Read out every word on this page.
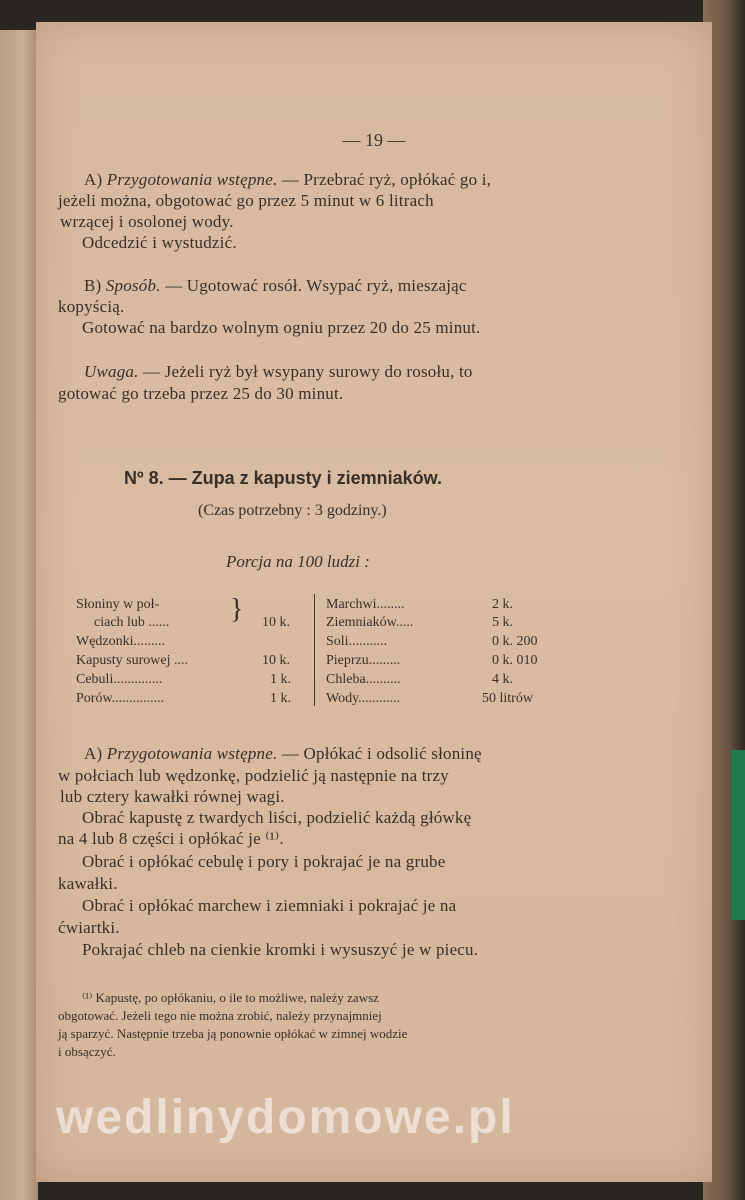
— 19 —
A) Przygotowania wstępne. — Przebrać ryż, opłókać go i,
jeżeli można, obgotować go przez 5 minut w 6 litrach
wrzącej i osolonej wody.
Odcedzić i wystudzić.
B) Sposób. — Ugotować rosół. Wsypać ryż, mieszając
kopyścią.
Gotować na bardzo wolnym ogniu przez 20 do 25 minut.
Uwaga. — Jeżeli ryż był wsypany surowy do rosołu, to
gotować go trzeba przez 25 do 30 minut.
Nº 8. — Zupa z kapusty i ziemniaków.
(Czas potrzebny : 3 godziny.)
Porcja na 100 ludzi :
Słoniny w poł-
ciach lub ......	10 k.
Wędzonki.........
}
Kapusty surowej ....	10 k.
Cebuli..............	1 k.
Porów...............	1 k.
Marchwi........	2 k.
Ziemniaków.....	5 k.
Soli...........	0 k. 200
Pieprzu.........	0 k. 010
Chleba..........	4 k.
Wody............	50 litrów
A) Przygotowania wstępne. — Opłókać i odsolić słoninę
w połciach lub wędzonkę, podzielić ją następnie na trzy
lub cztery kawałki równej wagi.
Obrać kapustę z twardych liści, podzielić każdą główkę
na 4 lub 8 części i opłókać je ⁽¹⁾.
Obrać i opłókać cebulę i pory i pokrajać je na grube
kawałki.
Obrać i opłókać marchew i ziemniaki i pokrajać je na
ćwiartki.
Pokrajać chleb na cienkie kromki i wysuszyć je w piecu.
⁽¹⁾ Kapustę, po opłókaniu, o ile to możliwe, należy zawsz
obgotować. Jeżeli tego nie można zrobić, należy przynajmniej
ją sparzyć. Następnie trzeba ją ponownie opłókać w zimnej wodzie
i obsączyć.
wedlinydomowe.pl
